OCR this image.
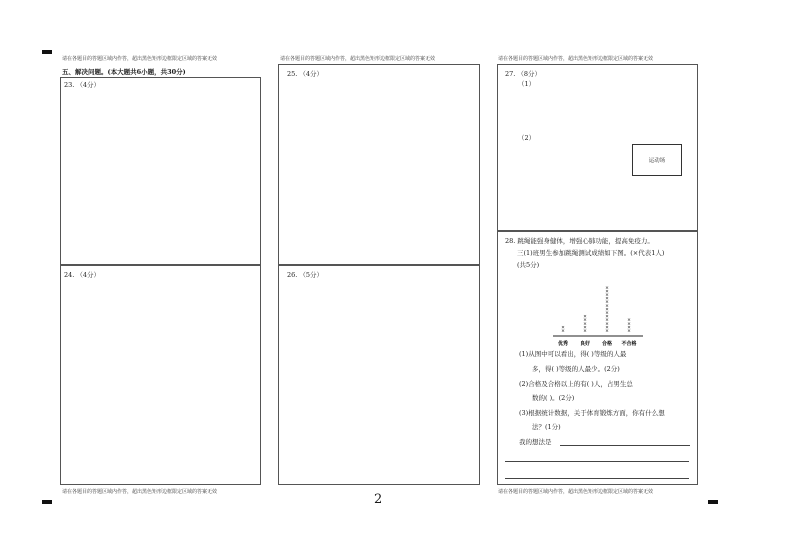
请在各题目的答题区域内作答，超出黑色矩形边框限定区域的答案无效	请在各题目的答题区域内作答，超出黑色矩形边框限定区域的答案无效	请在各题目的答题区域内作答，超出黑色矩形边框限定区域的答案无效
五、解决问题。(本大题共6小题，共30分)
23. （4分）
24. （4分）
25. （4分）
26. （5分）
27. （8分）
（1）
（2）
运动场
28. 跳绳能强身健体，增强心肺功能，提高免疫力。
三(1)班男生参加跳绳测试成绩如下图。(×代表1人)
(共5分)
×
×
优秀
×
×
×
×
×
良好
×
×
×
×
×
×
×
×
×
×
×
×
×
合格
×
×
×
×
不合格
(1)从图中可以看出，得( )等级的人最
多，得( )等级的人最少。(2分)
(2)合格及合格以上的有( )人，占男生总
数的( )。(2分)
(3)根据统计数据，关于体育锻炼方面，你有什么想
法？(1分)
我的想法是
请在各题目的答题区域内作答，超出黑色矩形边框限定区域的答案无效	2	请在各题目的答题区域内作答，超出黑色矩形边框限定区域的答案无效
